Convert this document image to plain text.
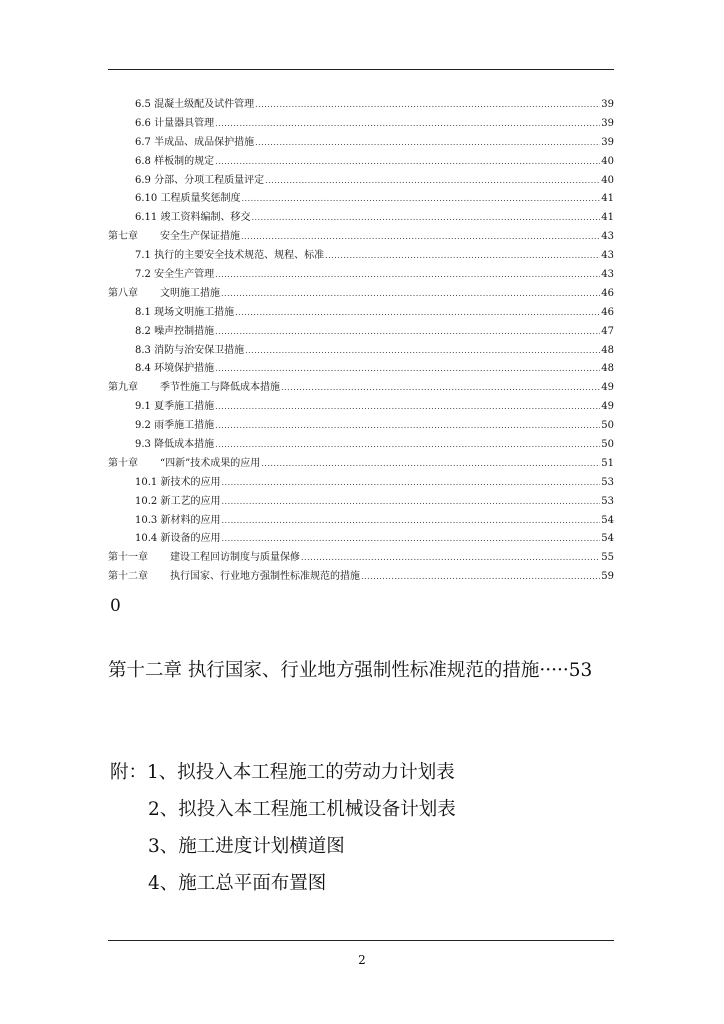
6.5 混凝土级配及试件管理 .....	39
6.6 计量器具管理 .....	39
6.7 半成品、成品保护措施 .....	39
6.8 样板制的规定 .....	40
6.9 分部、分项工程质量评定 .....	40
6.10 工程质量奖惩制度 .....	41
6.11 竣工资料编制、移交 .....	41
第七章 安全生产保证措施 .....	43
7.1 执行的主要安全技术规范、规程、标准 .....	43
7.2 安全生产管理 .....	43
第八章 文明施工措施 .....	46
8.1 现场文明施工措施 .....	46
8.2 噪声控制措施 .....	47
8.3 消防与治安保卫措施 .....	48
8.4 环境保护措施 .....	48
第九章 季节性施工与降低成本措施 .....	49
9.1 夏季施工措施 .....	49
9.2 雨季施工措施 .....	50
9.3 降低成本措施 .....	50
第十章 “四新”技术成果的应用 .....	51
10.1 新技术的应用 .....	53
10.2 新工艺的应用 .....	53
10.3 新材料的应用 .....	54
10.4 新设备的应用 .....	54
第十一章 建设工程回访制度与质量保修 .....	55
第十二章 执行国家、行业地方强制性标准规范的措施 .....	59
0
第十二章 执行国家、行业地方强制性标准规范的措施·····53
附：1、拟投入本工程施工的劳动力计划表
2、拟投入本工程施工机械设备计划表
3、施工进度计划横道图
4、施工总平面布置图
2
